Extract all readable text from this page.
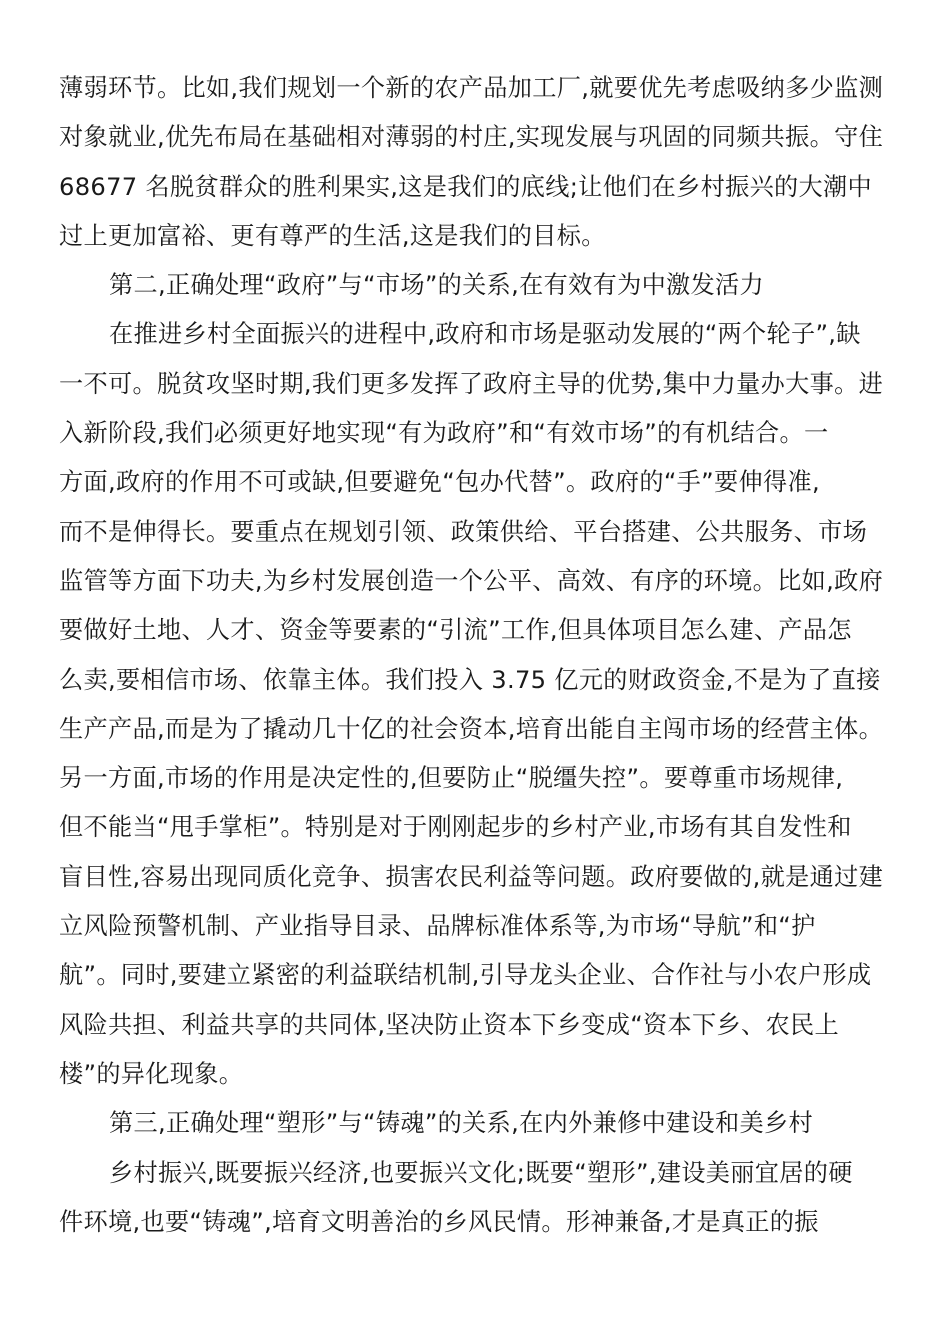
薄弱环节。比如,我们规划一个新的农产品加工厂,就要优先考虑吸纳多少监测
对象就业,优先布局在基础相对薄弱的村庄,实现发展与巩固的同频共振。守住
68677 名脱贫群众的胜利果实,这是我们的底线;让他们在乡村振兴的大潮中
过上更加富裕、更有尊严的生活,这是我们的目标。
第二,正确处理“政府”与“市场”的关系,在有效有为中激发活力
在推进乡村全面振兴的进程中,政府和市场是驱动发展的“两个轮子”,缺
一不可。脱贫攻坚时期,我们更多发挥了政府主导的优势,集中力量办大事。进
入新阶段,我们必须更好地实现“有为政府”和“有效市场”的有机结合。一
方面,政府的作用不可或缺,但要避免“包办代替”。政府的“手”要伸得准,
而不是伸得长。要重点在规划引领、政策供给、平台搭建、公共服务、市场
监管等方面下功夫,为乡村发展创造一个公平、高效、有序的环境。比如,政府
要做好土地、人才、资金等要素的“引流”工作,但具体项目怎么建、产品怎
么卖,要相信市场、依靠主体。我们投入 3.75 亿元的财政资金,不是为了直接
生产产品,而是为了撬动几十亿的社会资本,培育出能自主闯市场的经营主体。
另一方面,市场的作用是决定性的,但要防止“脱缰失控”。要尊重市场规律,
但不能当“甩手掌柜”。特别是对于刚刚起步的乡村产业,市场有其自发性和
盲目性,容易出现同质化竞争、损害农民利益等问题。政府要做的,就是通过建
立风险预警机制、产业指导目录、品牌标准体系等,为市场“导航”和“护
航”。同时,要建立紧密的利益联结机制,引导龙头企业、合作社与小农户形成
风险共担、利益共享的共同体,坚决防止资本下乡变成“资本下乡、农民上
楼”的异化现象。
第三,正确处理“塑形”与“铸魂”的关系,在内外兼修中建设和美乡村
乡村振兴,既要振兴经济,也要振兴文化;既要“塑形”,建设美丽宜居的硬
件环境,也要“铸魂”,培育文明善治的乡风民情。形神兼备,才是真正的振
